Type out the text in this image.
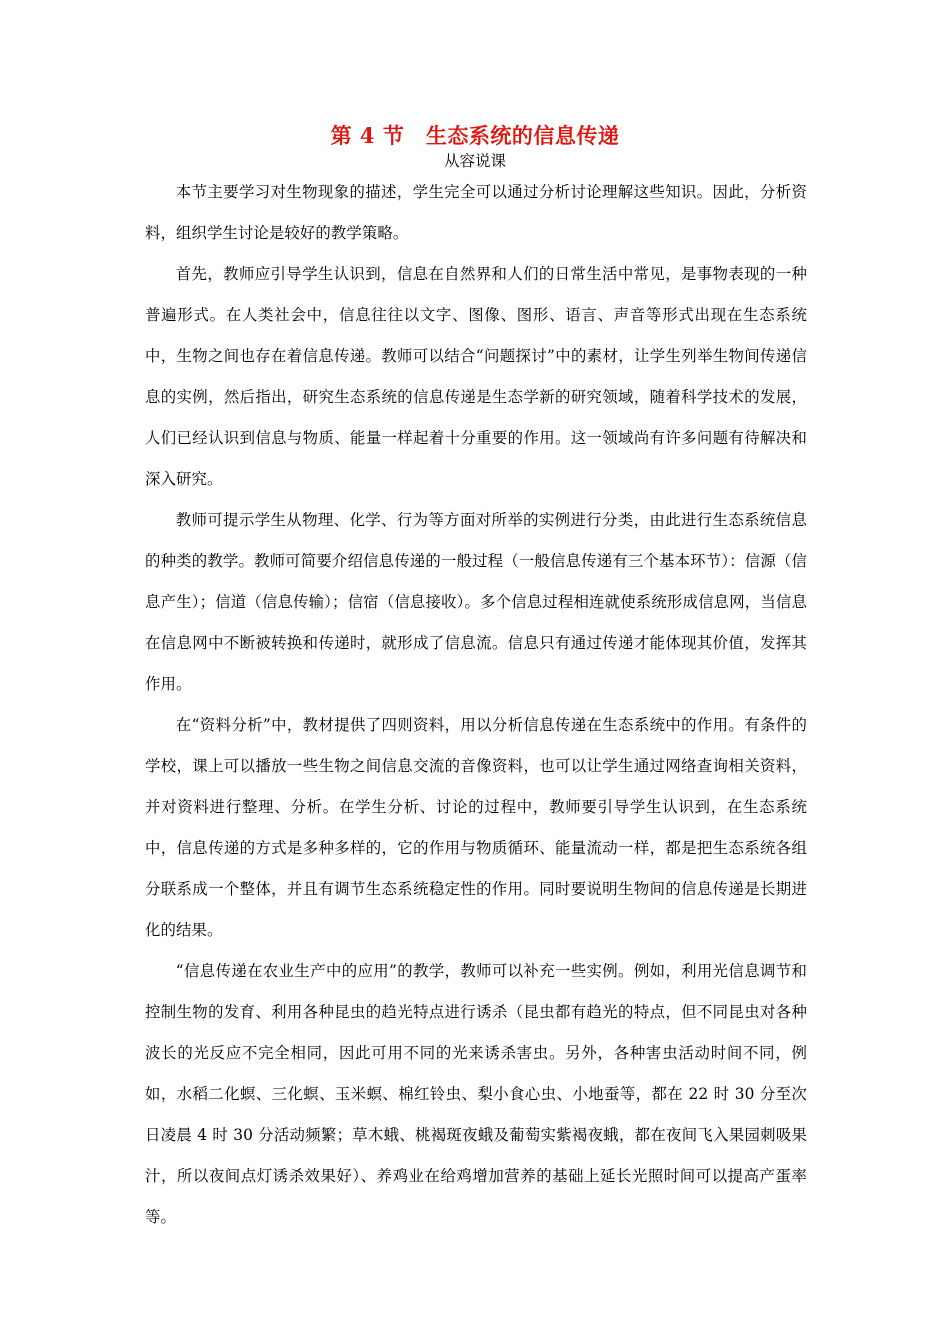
第 4 节　生态系统的信息传递
从容说课

本节主要学习对生物现象的描述，学生完全可以通过分析讨论理解这些知识。因此，分析资料，组织学生讨论是较好的教学策略。

首先，教师应引导学生认识到，信息在自然界和人们的日常生活中常见，是事物表现的一种普遍形式。在人类社会中，信息往往以文字、图像、图形、语言、声音等形式出现在生态系统中，生物之间也存在着信息传递。教师可以结合“问题探讨”中的素材，让学生列举生物间传递信息的实例，然后指出，研究生态系统的信息传递是生态学新的研究领域，随着科学技术的发展，人们已经认识到信息与物质、能量一样起着十分重要的作用。这一领域尚有许多问题有待解决和深入研究。

教师可提示学生从物理、化学、行为等方面对所举的实例进行分类，由此进行生态系统信息的种类的教学。教师可简要介绍信息传递的一般过程（一般信息传递有三个基本环节）：信源（信息产生）；信道（信息传输）；信宿（信息接收）。多个信息过程相连就使系统形成信息网，当信息在信息网中不断被转换和传递时，就形成了信息流。信息只有通过传递才能体现其价值，发挥其作用。

在“资料分析”中，教材提供了四则资料，用以分析信息传递在生态系统中的作用。有条件的学校，课上可以播放一些生物之间信息交流的音像资料，也可以让学生通过网络查询相关资料，并对资料进行整理、分析。在学生分析、讨论的过程中，教师要引导学生认识到，在生态系统中，信息传递的方式是多种多样的，它的作用与物质循环、能量流动一样，都是把生态系统各组分联系成一个整体，并且有调节生态系统稳定性的作用。同时要说明生物间的信息传递是长期进化的结果。

“信息传递在农业生产中的应用”的教学，教师可以补充一些实例。例如，利用光信息调节和控制生物的发育、利用各种昆虫的趋光特点进行诱杀（昆虫都有趋光的特点，但不同昆虫对各种波长的光反应不完全相同，因此可用不同的光来诱杀害虫。另外，各种害虫活动时间不同，例如，水稻二化螟、三化螟、玉米螟、棉红铃虫、梨小食心虫、小地蚕等，都在 22 时 30 分至次日凌晨 4 时 30 分活动频繁；草木蛾、桃褐斑夜蛾及葡萄实紫褐夜蛾，都在夜间飞入果园刺吸果汁，所以夜间点灯诱杀效果好）、养鸡业在给鸡增加营养的基础上延长光照时间可以提高产蛋率等。
